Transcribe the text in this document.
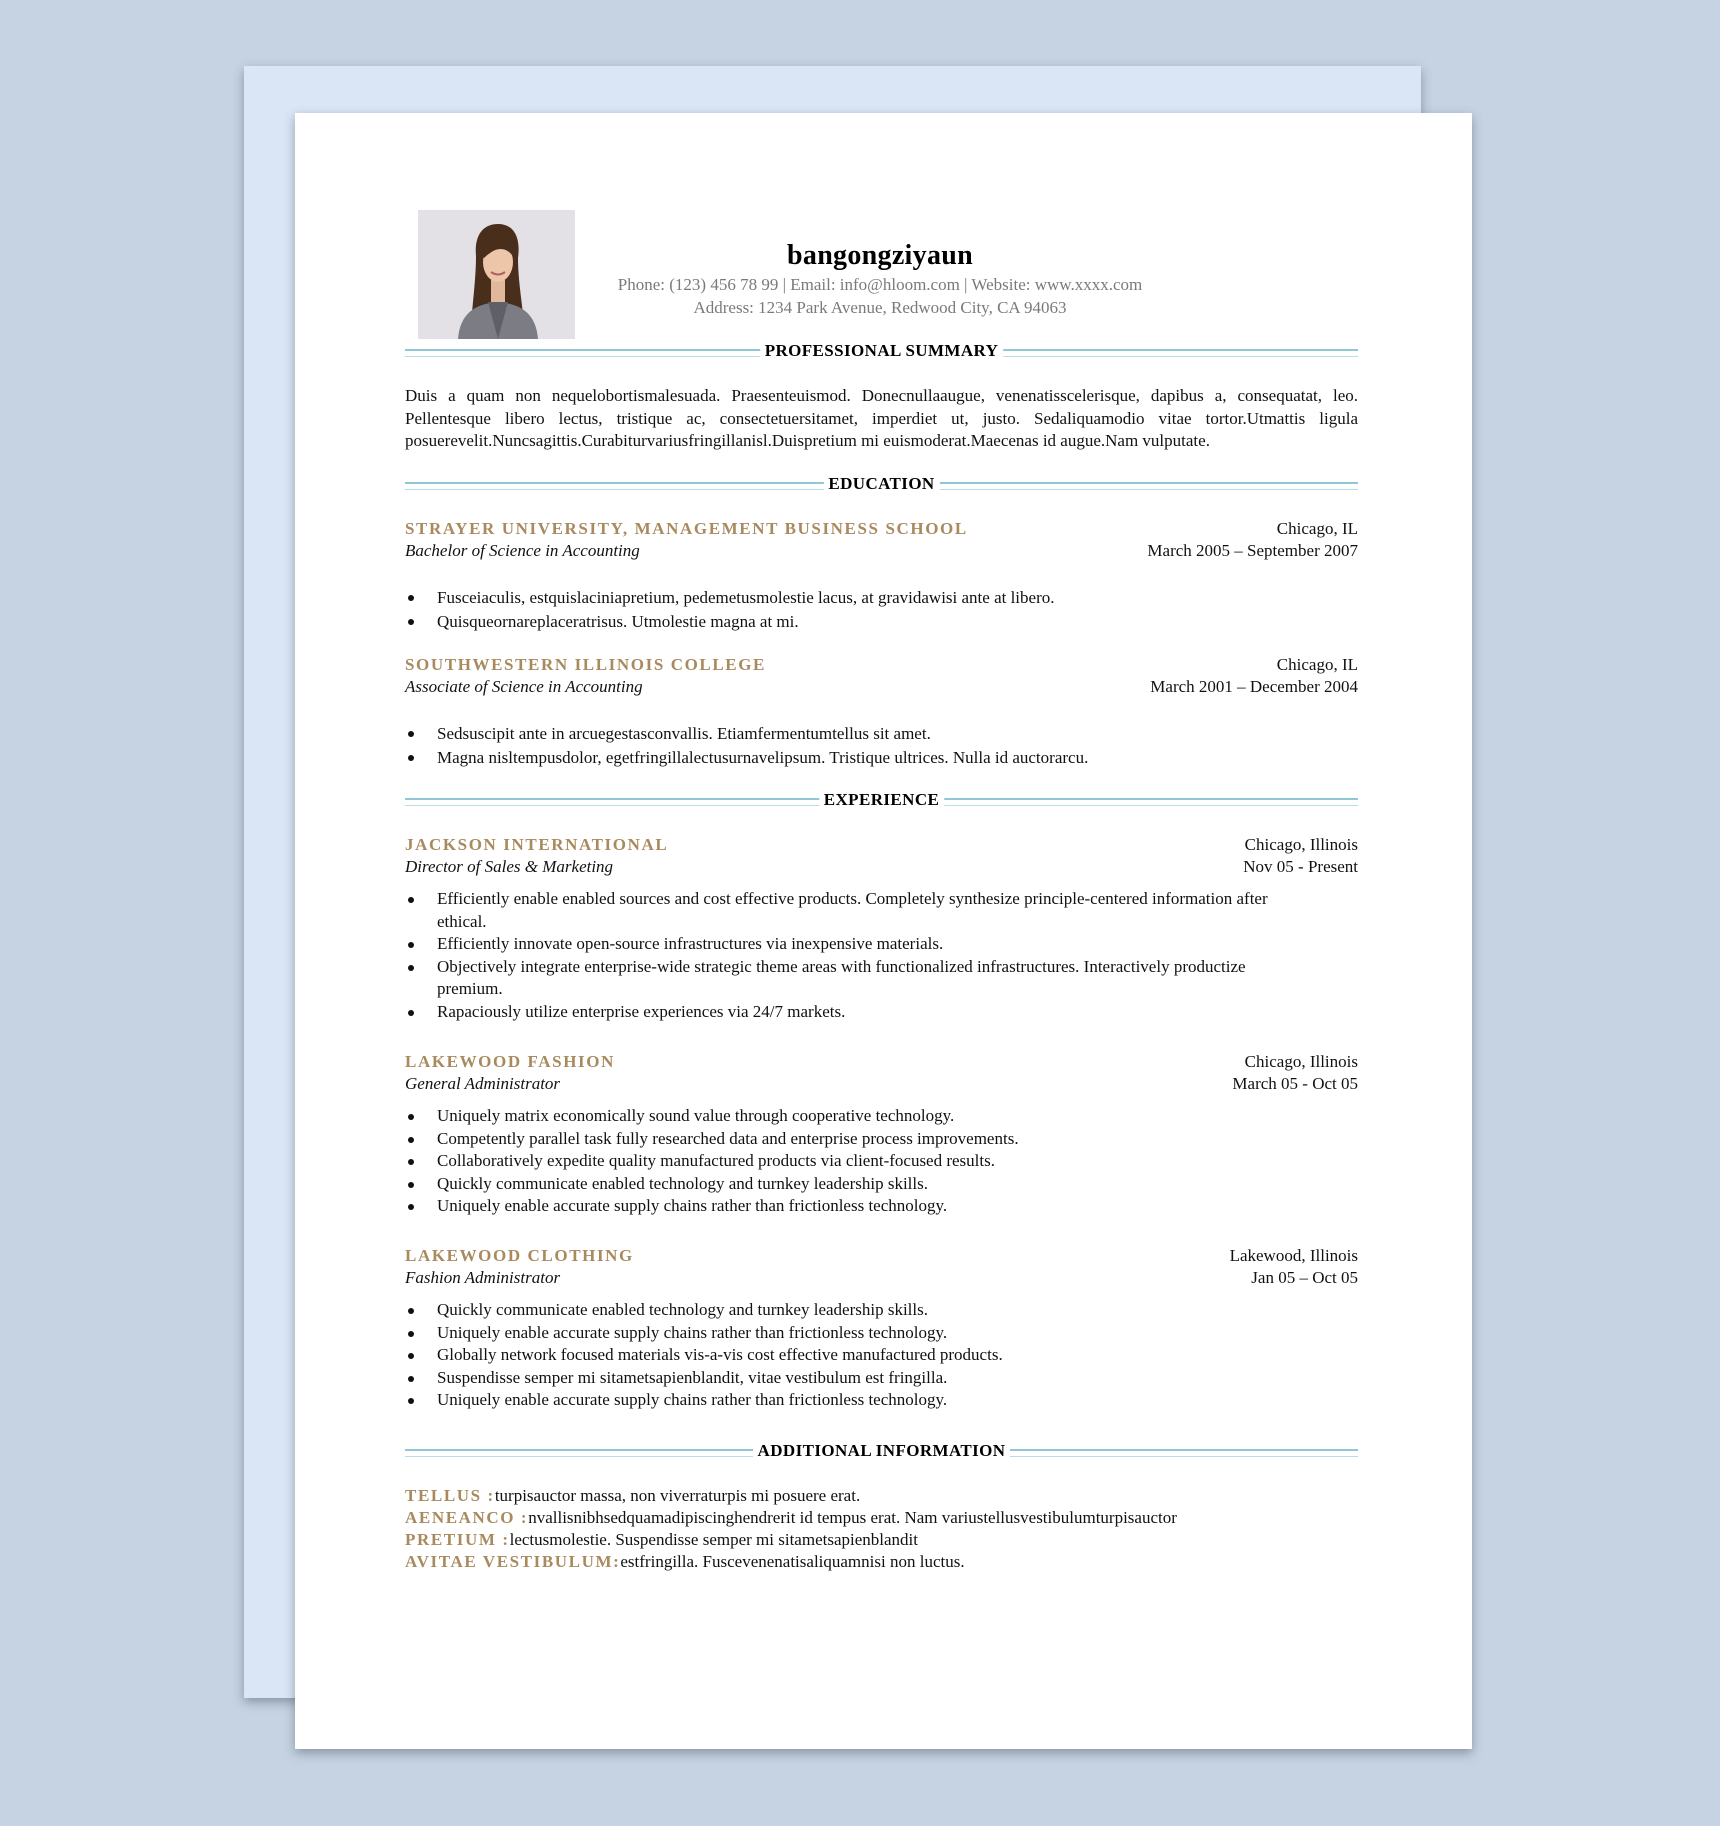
bangongziyaun
Phone: (123) 456 78 99 | Email: info@hloom.com | Website: www.xxxx.com
Address: 1234 Park Avenue, Redwood City, CA 94063
PROFESSIONAL SUMMARY
Duis a quam non nequelobortismalesuada. Praesenteuismod. Donecnullaaugue, venenatisscelerisque, dapibus a, consequatat, leo. Pellentesque libero lectus, tristique ac, consectetuersitamet, imperdiet ut, justo. Sedaliquamodio vitae tortor.Utmattis ligula posuerevelit.Nuncsagittis.Curabiturvariusfringillanisl.Duispretium mi euismoderat.Maecenas id augue.Nam vulputate.
EDUCATION
STRAYER UNIVERSITY, MANAGEMENT BUSINESS SCHOOL
Bachelor of Science in Accounting
Chicago, IL
March 2005 – September 2007
Fusceiaculis, estquislaciniapretium, pedemetusmolestie lacus, at gravidawisi ante at libero.
Quisqueornareplaceratrisus. Utmolestie magna at mi.
SOUTHWESTERN ILLINOIS COLLEGE
Associate of Science in Accounting
Chicago, IL
March 2001 – December 2004
Sedsuscipit ante in arcuegestasconvallis. Etiamfermentumtellus sit amet.
Magna nisltempusdolor, egetfringillalectusurnavelipsum. Tristique ultrices. Nulla id auctorarcu.
EXPERIENCE
JACKSON INTERNATIONAL
Director of Sales & Marketing
Chicago, Illinois
Nov 05 - Present
Efficiently enable enabled sources and cost effective products. Completely synthesize principle-centered information after ethical.
Efficiently innovate open-source infrastructures via inexpensive materials.
Objectively integrate enterprise-wide strategic theme areas with functionalized infrastructures. Interactively productize premium.
Rapaciously utilize enterprise experiences via 24/7 markets.
LAKEWOOD FASHION
General Administrator
Chicago, Illinois
March 05 - Oct 05
Uniquely matrix economically sound value through cooperative technology.
Competently parallel task fully researched data and enterprise process improvements.
Collaboratively expedite quality manufactured products via client-focused results.
Quickly communicate enabled technology and turnkey leadership skills.
Uniquely enable accurate supply chains rather than frictionless technology.
LAKEWOOD CLOTHING
Fashion Administrator
Lakewood, Illinois
Jan 05 – Oct 05
Quickly communicate enabled technology and turnkey leadership skills.
Uniquely enable accurate supply chains rather than frictionless technology.
Globally network focused materials vis-a-vis cost effective manufactured products.
Suspendisse semper mi sitametsapienblandit, vitae vestibulum est fringilla.
Uniquely enable accurate supply chains rather than frictionless technology.
ADDITIONAL INFORMATION
TELLUS :turpisauctor massa, non viverraturpis mi posuere erat.
AENEANCO :nvallisnibhsedquamadipiscinghendrerit id tempus erat. Nam variustellusvestibulumturpisauctor
PRETIUM :lectusmolestie. Suspendisse semper mi sitametsapienblandit
AVITAE VESTIBULUM:estfringilla. Fuscevenenatisaliquamnisi non luctus.
